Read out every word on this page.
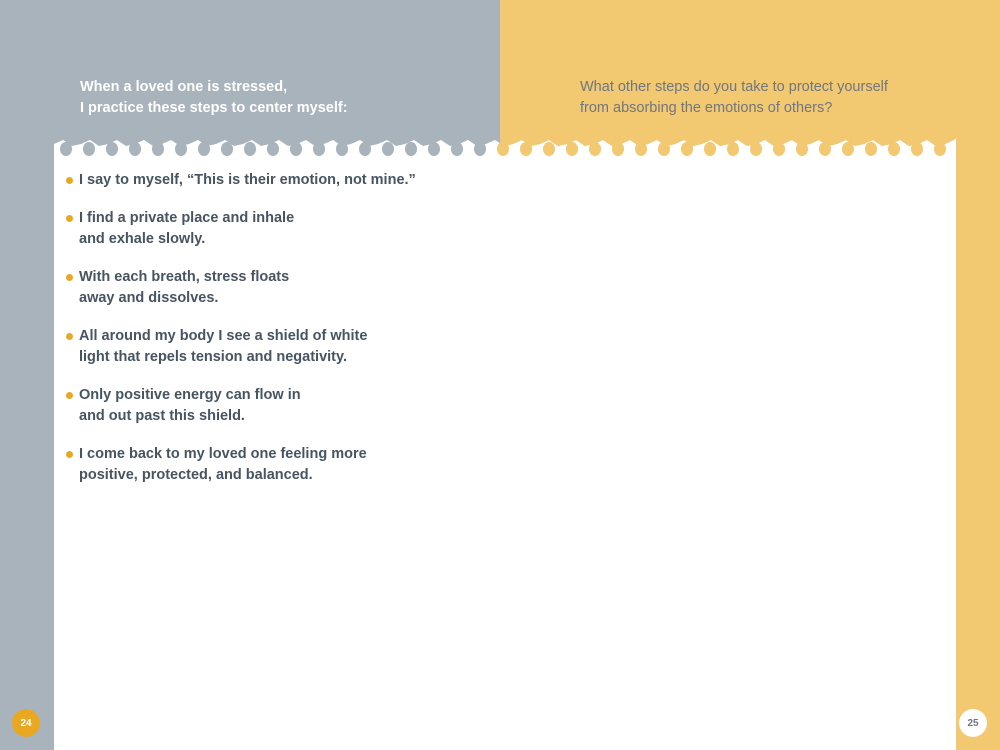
When a loved one is stressed,
I practice these steps to center myself:
What other steps do you take to protect yourself
from absorbing the emotions of others?
I say to myself, “This is their emotion, not mine.”
I find a private place and inhale
and exhale slowly.
With each breath, stress floats
away and dissolves.
All around my body I see a shield of white
light that repels tension and negativity.
Only positive energy can flow in
and out past this shield.
I come back to my loved one feeling more
positive, protected, and balanced.
24	25
